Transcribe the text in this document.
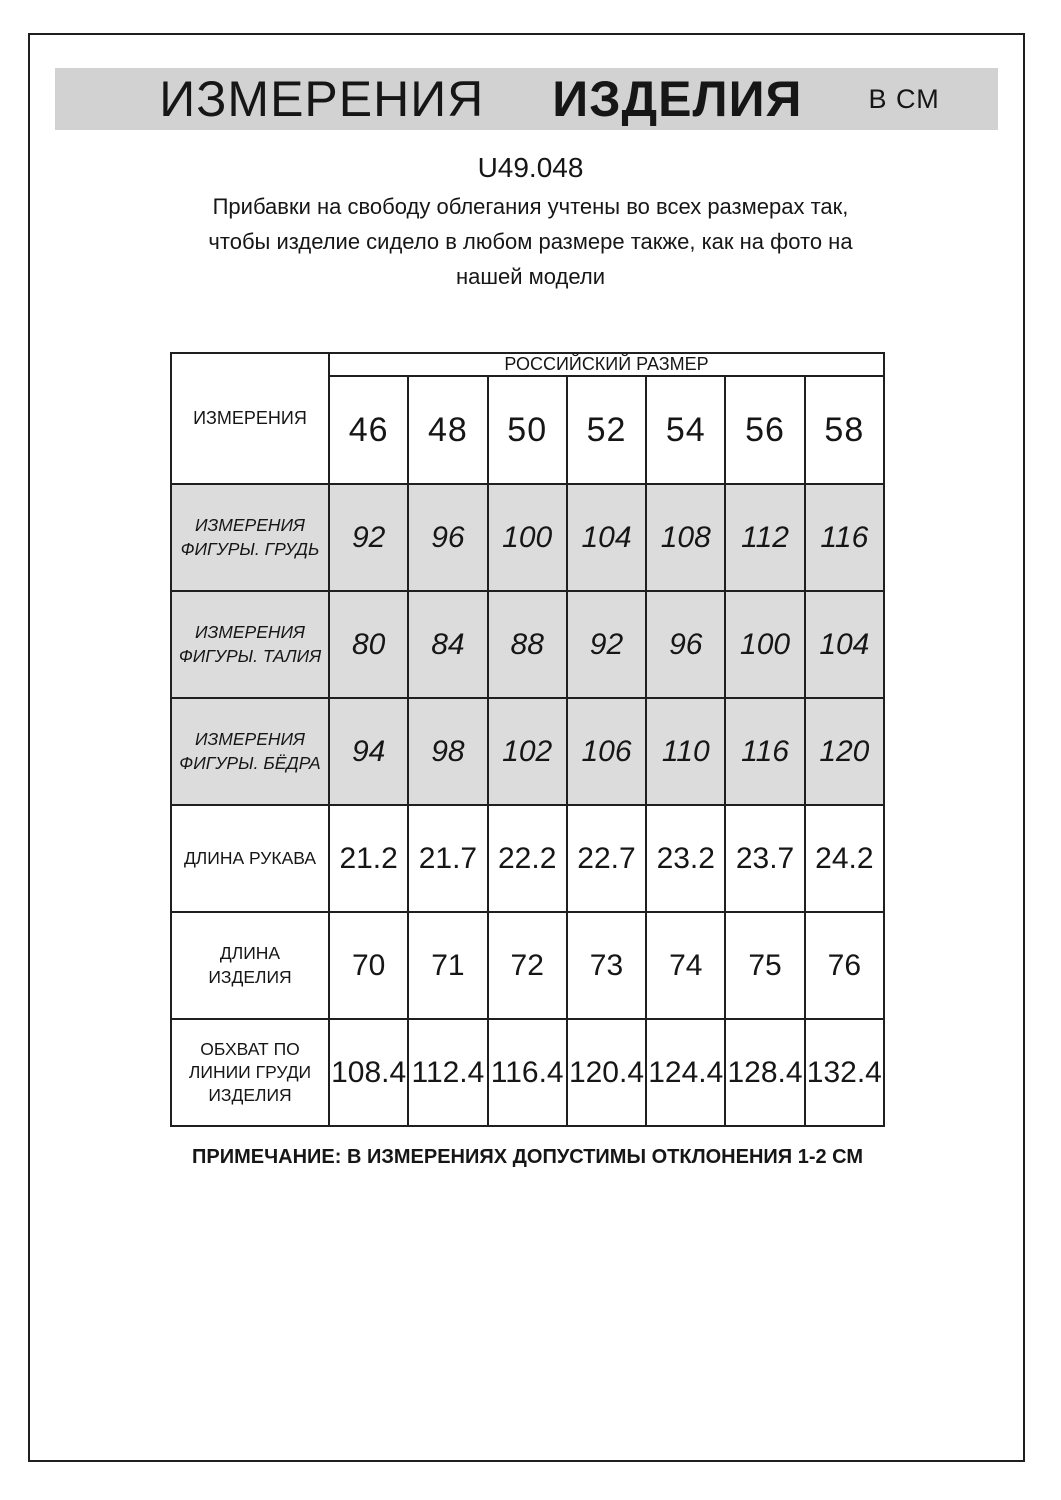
ИЗМЕРЕНИЯ ИЗДЕЛИЯ В СМ
U49.048
Прибавки на свободу облегания учтены во всех размерах так,
чтобы изделие сидело в любом размере также, как на фото на
нашей модели
ИЗМЕРЕНИЯ	РОССИЙСКИЙ РАЗМЕР						
	46	48	50	52	54	56	58
ИЗМЕРЕНИЯ
ФИГУРЫ. ГРУДЬ	92	96	100	104	108	112	116
ИЗМЕРЕНИЯ
ФИГУРЫ. ТАЛИЯ	80	84	88	92	96	100	104
ИЗМЕРЕНИЯ
ФИГУРЫ. БЁДРА	94	98	102	106	110	116	120
ДЛИНА РУКАВА	21.2	21.7	22.2	22.7	23.2	23.7	24.2
ДЛИНА ИЗДЕЛИЯ	70	71	72	73	74	75	76
ОБХВАТ ПО
ЛИНИИ ГРУДИ
ИЗДЕЛИЯ	108.4	112.4	116.4	120.4	124.4	128.4	132.4
ПРИМЕЧАНИЕ: В ИЗМЕРЕНИЯХ ДОПУСТИМЫ ОТКЛОНЕНИЯ 1-2 СМ
